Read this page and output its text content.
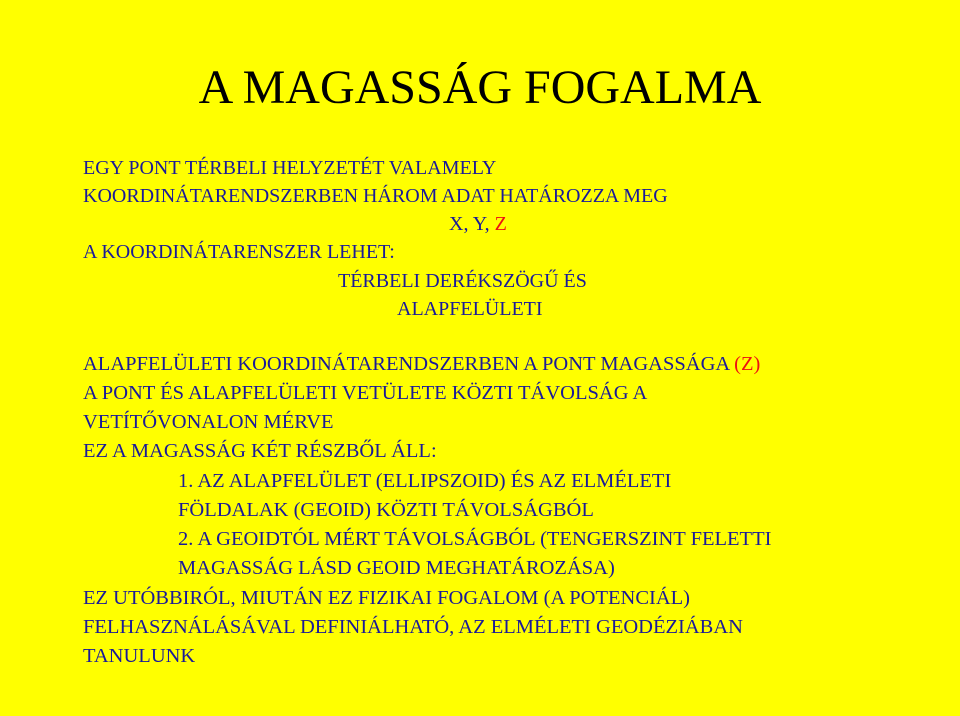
A MAGASSÁG FOGALMA
EGY PONT TÉRBELI HELYZETÉT VALAMELY
KOORDINÁTARENDSZERBEN HÁROM ADAT HATÁROZZA MEG
X, Y, Z
A KOORDINÁTARENSZER LEHET:
TÉRBELI DERÉKSZÖGŰ ÉS
ALAPFELÜLETI
ALAPFELÜLETI KOORDINÁTARENDSZERBEN A PONT MAGASSÁGA (Z)
A PONT ÉS ALAPFELÜLETI VETÜLETE KÖZTI TÁVOLSÁG A
VETÍTŐVONALON MÉRVE
EZ A MAGASSÁG KÉT RÉSZBŐL ÁLL:
1. AZ ALAPFELÜLET (ELLIPSZOID) ÉS AZ ELMÉLETI
FÖLDALAK (GEOID) KÖZTI TÁVOLSÁGBÓL
2. A GEOIDTÓL MÉRT TÁVOLSÁGBÓL (TENGERSZINT FELETTI
MAGASSÁG LÁSD GEOID MEGHATÁROZÁSA)
EZ UTÓBBIRÓL, MIUTÁN EZ FIZIKAI FOGALOM (A POTENCIÁL)
FELHASZNÁLÁSÁVAL DEFINIÁLHATÓ, AZ ELMÉLETI GEODÉZIÁBAN
TANULUNK
